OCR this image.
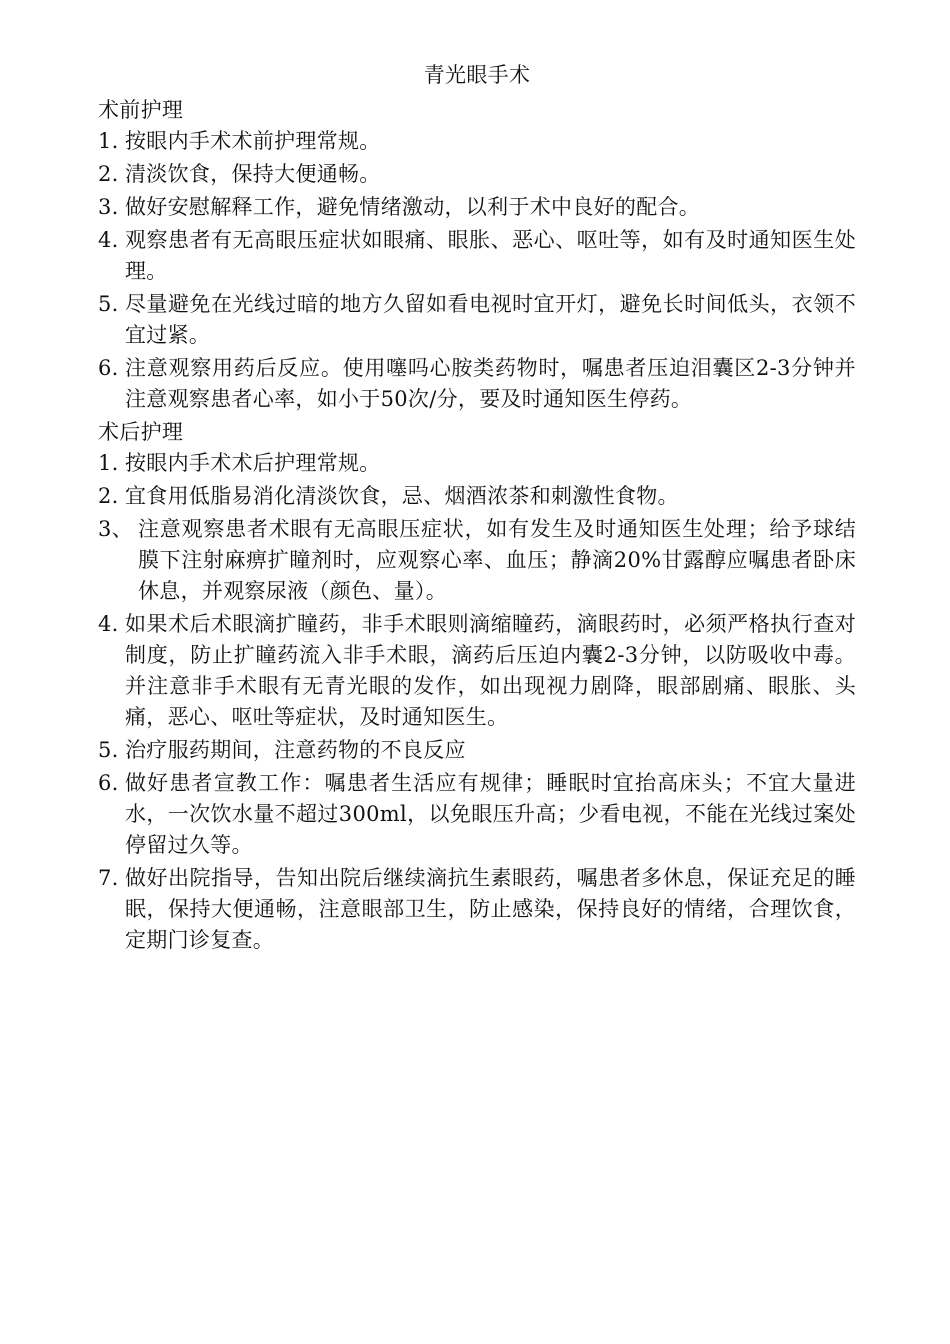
青光眼手术
术前护理
1. 按眼内手术术前护理常规。
2. 清淡饮食，保持大便通畅。
3. 做好安慰解释工作，避免情绪激动，以利于术中良好的配合。
4. 观察患者有无高眼压症状如眼痛、眼胀、恶心、呕吐等，如有及时通知医生处理。
5. 尽量避免在光线过暗的地方久留如看电视时宜开灯，避免长时间低头，衣领不宜过紧。
6. 注意观察用药后反应。使用噻吗心胺类药物时，嘱患者压迫泪囊区2-3分钟并注意观察患者心率，如小于50次/分，要及时通知医生停药。
术后护理
1. 按眼内手术术后护理常规。
2. 宜食用低脂易消化清淡饮食，忌、烟酒浓茶和刺激性食物。
3、 注意观察患者术眼有无高眼压症状，如有发生及时通知医生处理；给予球结膜下注射麻痹扩瞳剂时，应观察心率、血压；静滴20%甘露醇应嘱患者卧床休息，并观察尿液（颜色、量）。
4. 如果术后术眼滴扩瞳药，非手术眼则滴缩瞳药，滴眼药时，必须严格执行查对制度，防止扩瞳药流入非手术眼，滴药后压迫内囊2-3分钟，以防吸收中毒。并注意非手术眼有无青光眼的发作，如出现视力剧降，眼部剧痛、眼胀、头痛，恶心、呕吐等症状，及时通知医生。
5. 治疗服药期间，注意药物的不良反应
6. 做好患者宣教工作：嘱患者生活应有规律；睡眠时宜抬高床头；不宜大量进水，一次饮水量不超过300ml，以免眼压升高；少看电视，不能在光线过案处停留过久等。
7. 做好出院指导，告知出院后继续滴抗生素眼药，嘱患者多休息，保证充足的睡眠，保持大便通畅，注意眼部卫生，防止感染，保持良好的情绪，合理饮食，定期门诊复查。
